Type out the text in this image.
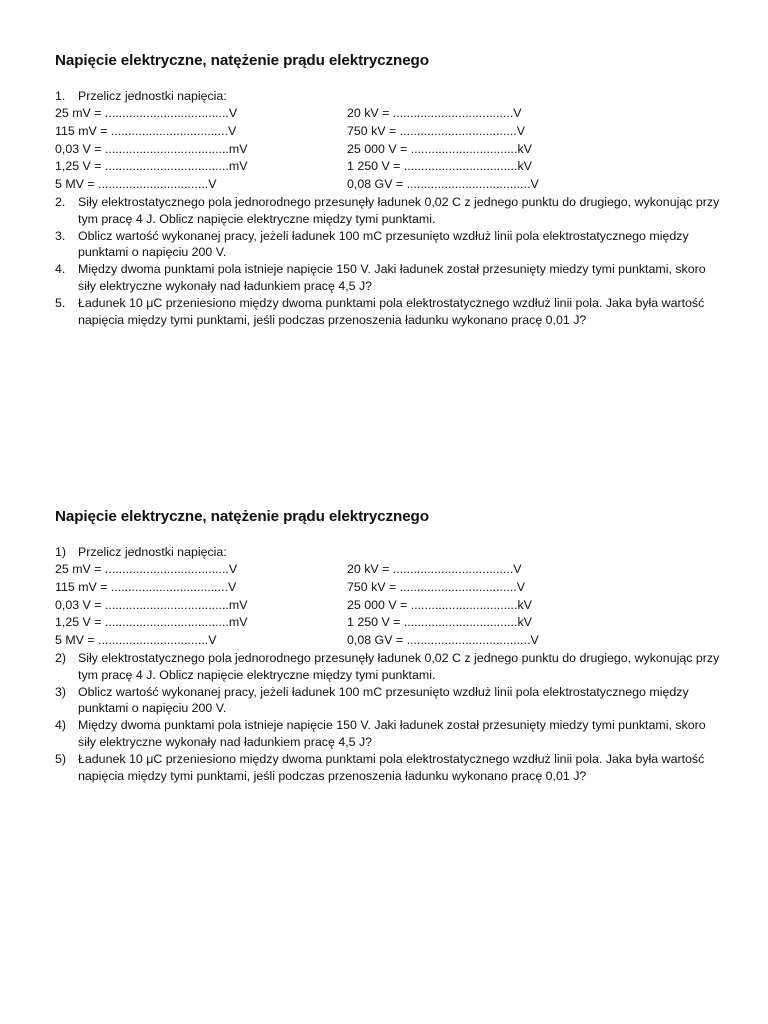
Napięcie elektryczne, natężenie prądu elektrycznego
1.	Przelicz jednostki napięcia:
25 mV = ....................................V	20 kV = ...................................V
115 mV = ..................................V	750 kV = ..................................V
0,03 V = ....................................mV	25 000 V = ...............................kV
1,25 V = ....................................mV	1 250 V = .................................kV
5 MV = ................................V	0,08 GV = ....................................V
2.	Siły elektrostatycznego pola jednorodnego przesunęły ładunek 0,02 C z jednego punktu do drugiego, wykonując przy tym pracę 4 J. Oblicz napięcie elektryczne między tymi punktami.
3.	Oblicz wartość wykonanej pracy, jeżeli ładunek 100 mC przesunięto wzdłuż linii pola elektrostatycznego między punktami o napięciu 200 V.
4.	Między dwoma punktami pola istnieje napięcie 150 V. Jaki ładunek został przesunięty miedzy tymi punktami, skoro siły elektryczne wykonały nad ładunkiem pracę 4,5 J?
5.	Ładunek 10 μC przeniesiono między dwoma punktami pola elektrostatycznego wzdłuż linii pola. Jaka była wartość napięcia między tymi punktami, jeśli podczas przenoszenia ładunku wykonano pracę 0,01 J?
Napięcie elektryczne, natężenie prądu elektrycznego
1) Przelicz jednostki napięcia:
25 mV = ....................................V	20 kV = ...................................V
115 mV = ..................................V	750 kV = ..................................V
0,03 V = ....................................mV	25 000 V = ...............................kV
1,25 V = ....................................mV	1 250 V = .................................kV
5 MV = ................................V	0,08 GV = ....................................V
2) Siły elektrostatycznego pola jednorodnego przesunęły ładunek 0,02 C z jednego punktu do drugiego, wykonując przy tym pracę 4 J. Oblicz napięcie elektryczne między tymi punktami.
3) Oblicz wartość wykonanej pracy, jeżeli ładunek 100 mC przesunięto wzdłuż linii pola elektrostatycznego między punktami o napięciu 200 V.
4) Między dwoma punktami pola istnieje napięcie 150 V. Jaki ładunek został przesunięty miedzy tymi punktami, skoro siły elektryczne wykonały nad ładunkiem pracę 4,5 J?
5) Ładunek 10 μC przeniesiono między dwoma punktami pola elektrostatycznego wzdłuż linii pola. Jaka była wartość napięcia między tymi punktami, jeśli podczas przenoszenia ładunku wykonano pracę 0,01 J?
